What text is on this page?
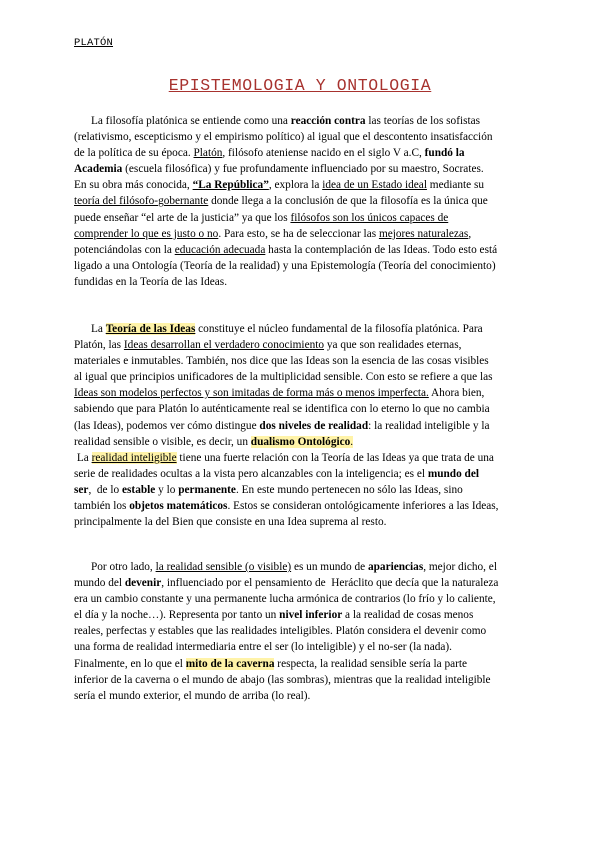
PLATÓN
EPISTEMOLOGIA Y ONTOLOGIA
La filosofía platónica se entiende como una reacción contra las teorías de los sofistas
(relativismo, escepticismo y el empirismo político) al igual que el descontento insatisfacción
de la política de su época. Platón, filósofo ateniense nacido en el siglo V a.C, fundó la
Academia (escuela filosófica) y fue profundamente influenciado por su maestro, Socrates.
En su obra más conocida, “La República”, explora la idea de un Estado ideal mediante su
teoría del filósofo-gobernante donde llega a la conclusión de que la filosofía es la única que
puede enseñar “el arte de la justicia” ya que los filósofos son los únicos capaces de
comprender lo que es justo o no. Para esto, se ha de seleccionar las mejores naturalezas,
potenciándolas con la educación adecuada hasta la contemplación de las Ideas. Todo esto está
ligado a una Ontología (Teoría de la realidad) y una Epistemología (Teoría del conocimiento)
fundidas en la Teoría de las Ideas.
La Teoría de las Ideas constituye el núcleo fundamental de la filosofía platónica. Para
Platón, las Ideas desarrollan el verdadero conocimiento ya que son realidades eternas,
materiales e inmutables. También, nos dice que las Ideas son la esencia de las cosas visibles
al igual que principios unificadores de la multiplicidad sensible. Con esto se refiere a que las
Ideas son modelos perfectos y son imitadas de forma más o menos imperfecta. Ahora bien,
sabiendo que para Platón lo auténticamente real se identifica con lo eterno lo que no cambia
(las Ideas), podemos ver cómo distingue dos niveles de realidad: la realidad inteligible y la
realidad sensible o visible, es decir, un dualismo Ontológico.
La realidad inteligible tiene una fuerte relación con la Teoría de las Ideas ya que trata de una
serie de realidades ocultas a la vista pero alcanzables con la inteligencia; es el mundo del
ser,  de lo estable y lo permanente. En este mundo pertenecen no sólo las Ideas, sino
también los objetos matemáticos. Estos se consideran ontológicamente inferiores a las Ideas,
principalmente la del Bien que consiste en una Idea suprema al resto.
Por otro lado, la realidad sensible (o visible) es un mundo de apariencias, mejor dicho, el
mundo del devenir, influenciado por el pensamiento de  Heráclito que decía que la naturaleza
era un cambio constante y una permanente lucha armónica de contrarios (lo frío y lo caliente,
el día y la noche…). Representa por tanto un nivel inferior a la realidad de cosas menos
reales, perfectas y estables que las realidades inteligibles. Platón considera el devenir como
una forma de realidad intermediaria entre el ser (lo inteligible) y el no-ser (la nada).
Finalmente, en lo que el mito de la caverna respecta, la realidad sensible sería la parte
inferior de la caverna o el mundo de abajo (las sombras), mientras que la realidad inteligible
sería el mundo exterior, el mundo de arriba (lo real).
